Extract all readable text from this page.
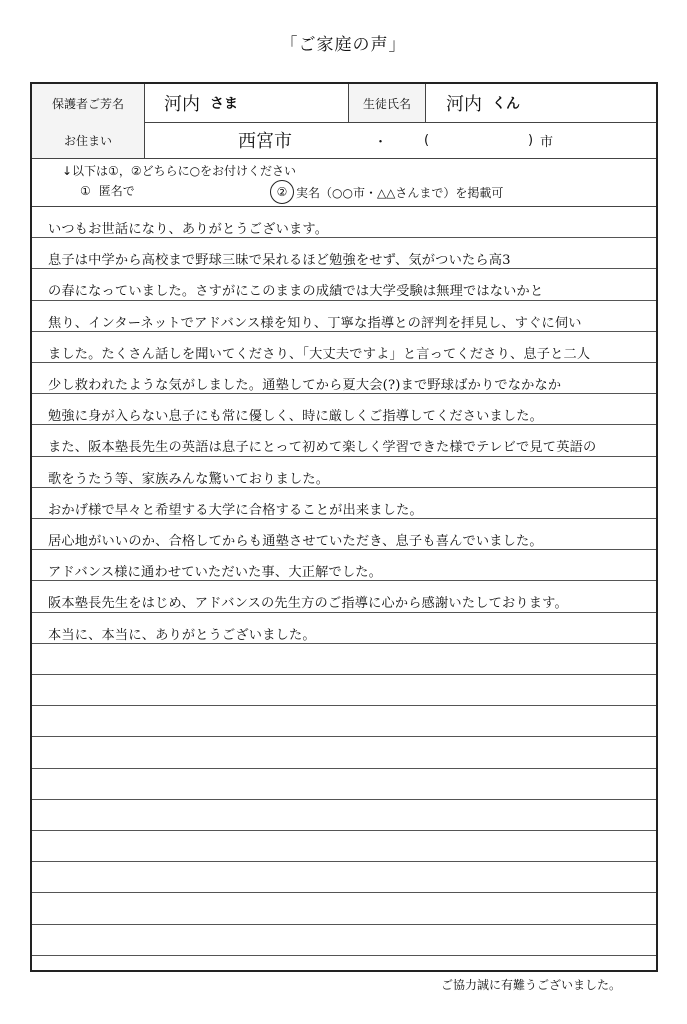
「ご家庭の声」
保護者ご芳名	河内 さま	生徒氏名	河内 くん
お住まい	西宮市	・	(	) 市
↓以下は①，②どちらに○をお付けください
① 匿名で	② 実名（○○市・△△さんまで）を掲載可
いつもお世話になり、ありがとうございます。
息子は中学から高校まで野球三昧で呆れるほど勉強をせず、気がついたら高3
の春になっていました。さすがにこのままの成績では大学受験は無理ではないかと
焦り、インターネットでアドバンス様を知り、丁寧な指導との評判を拝見し、すぐに伺い
ました。たくさん話しを聞いてくださり、「大丈夫ですよ」と言ってくださり、息子と二人
少し救われたような気がしました。通塾してから夏大会(?)まで野球ばかりでなかなか
勉強に身が入らない息子にも常に優しく、時に厳しくご指導してくださいました。
また、阪本塾長先生の英語は息子にとって初めて楽しく学習できた様でテレビで見て英語の
歌をうたう等、家族みんな驚いておりました。
おかげ様で早々と希望する大学に合格することが出来ました。
居心地がいいのか、合格してからも通塾させていただき、息子も喜んでいました。
アドバンス様に通わせていただいた事、大正解でした。
阪本塾長先生をはじめ、アドバンスの先生方のご指導に心から感謝いたしております。
本当に、本当に、ありがとうございました。
ご協力誠に有難うございました。
